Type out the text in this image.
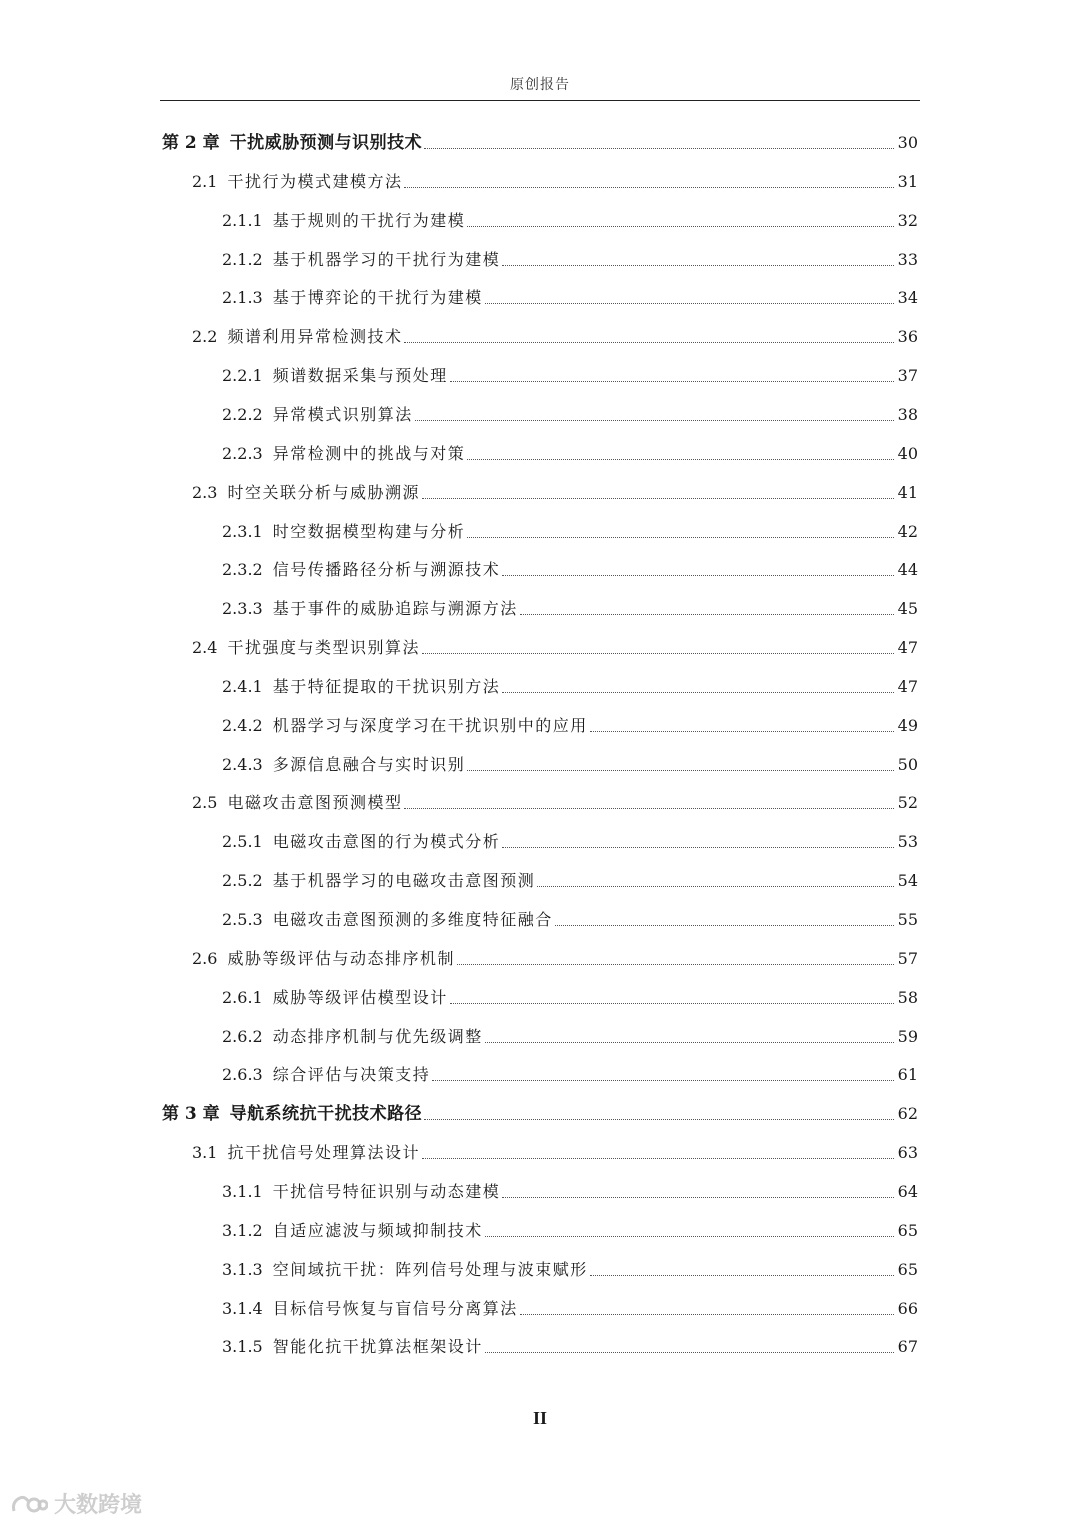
原创报告
第 2 章 干扰威胁预测与识别技术	30
2.1 干扰行为模式建模方法	31
2.1.1 基于规则的干扰行为建模	32
2.1.2 基于机器学习的干扰行为建模	33
2.1.3 基于博弈论的干扰行为建模	34
2.2 频谱利用异常检测技术	36
2.2.1 频谱数据采集与预处理	37
2.2.2 异常模式识别算法	38
2.2.3 异常检测中的挑战与对策	40
2.3 时空关联分析与威胁溯源	41
2.3.1 时空数据模型构建与分析	42
2.3.2 信号传播路径分析与溯源技术	44
2.3.3 基于事件的威胁追踪与溯源方法	45
2.4 干扰强度与类型识别算法	47
2.4.1 基于特征提取的干扰识别方法	47
2.4.2 机器学习与深度学习在干扰识别中的应用	49
2.4.3 多源信息融合与实时识别	50
2.5 电磁攻击意图预测模型	52
2.5.1 电磁攻击意图的行为模式分析	53
2.5.2 基于机器学习的电磁攻击意图预测	54
2.5.3 电磁攻击意图预测的多维度特征融合	55
2.6 威胁等级评估与动态排序机制	57
2.6.1 威胁等级评估模型设计	58
2.6.2 动态排序机制与优先级调整	59
2.6.3 综合评估与决策支持	61
第 3 章 导航系统抗干扰技术路径	62
3.1 抗干扰信号处理算法设计	63
3.1.1 干扰信号特征识别与动态建模	64
3.1.2 自适应滤波与频域抑制技术	65
3.1.3 空间域抗干扰：阵列信号处理与波束赋形	65
3.1.4 目标信号恢复与盲信号分离算法	66
3.1.5 智能化抗干扰算法框架设计	67
II
大数跨境
